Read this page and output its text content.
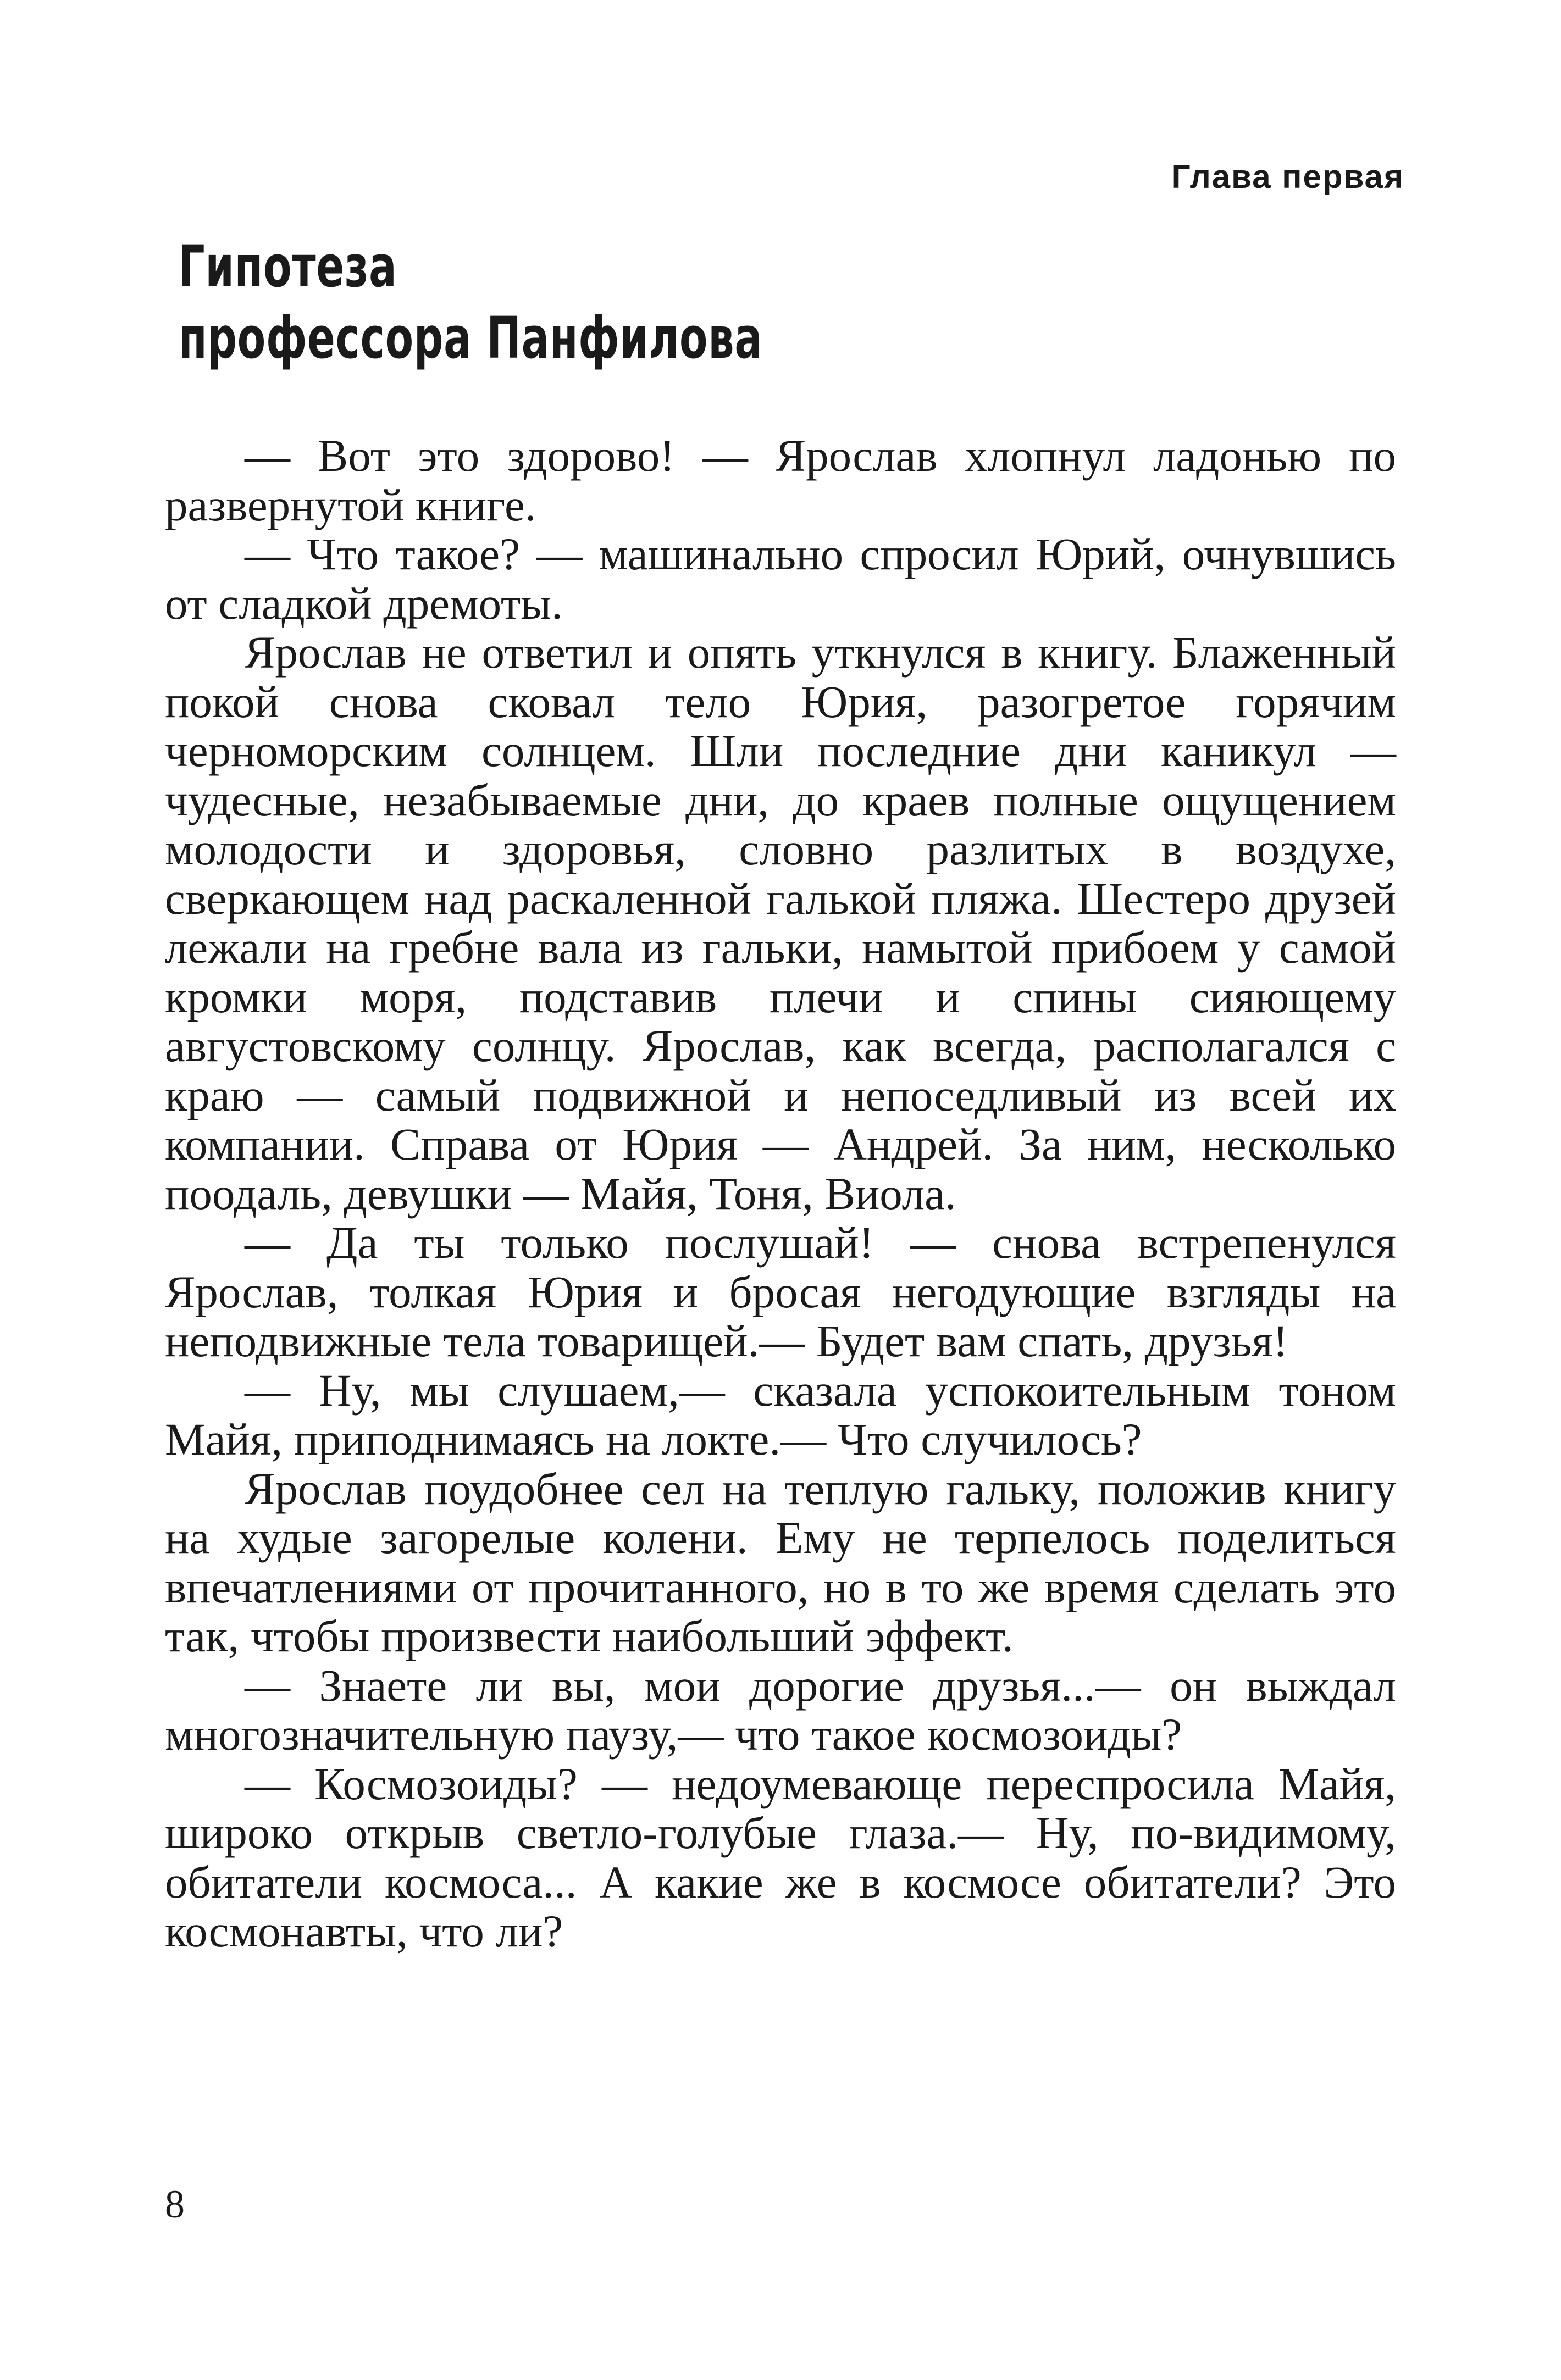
Глава первая

Гипотеза
профессора Панфилова

— Вот это здорово! — Ярослав хлопнул ладонью по развернутой книге.

— Что такое? — машинально спросил Юрий, очнувшись от сладкой дремоты.

Ярослав не ответил и опять уткнулся в книгу. Блаженный покой снова сковал тело Юрия, разогретое горячим черноморским солнцем. Шли последние дни каникул — чудесные, незабываемые дни, до краев полные ощущением молодости и здоровья, словно разлитых в воздухе, сверкающем над раскаленной галькой пляжа. Шестеро друзей лежали на гребне вала из гальки, намытой прибоем у самой кромки моря, подставив плечи и спины сияющему августовскому солнцу. Ярослав, как всегда, располагался с краю — самый подвижной и непоседливый из всей их компании. Справа от Юрия — Андрей. За ним, несколько поодаль, девушки — Майя, Тоня, Виола.

— Да ты только послушай! — снова встрепенулся Ярослав, толкая Юрия и бросая негодующие взгляды на неподвижные тела товарищей.— Будет вам спать, друзья!

— Ну, мы слушаем,— сказала успокоительным тоном Майя, приподнимаясь на локте.— Что случилось?

Ярослав поудобнее сел на теплую гальку, положив книгу на худые загорелые колени. Ему не терпелось поделиться впечатлениями от прочитанного, но в то же время сделать это так, чтобы произвести наибольший эффект.

— Знаете ли вы, мои дорогие друзья...— он выждал многозначительную паузу,— что такое космозоиды?

— Космозоиды? — недоумевающе переспросила Майя, широко открыв светло-голубые глаза.— Ну, по-видимому, обитатели космоса... А какие же в космосе обитатели? Это космонавты, что ли?

8
